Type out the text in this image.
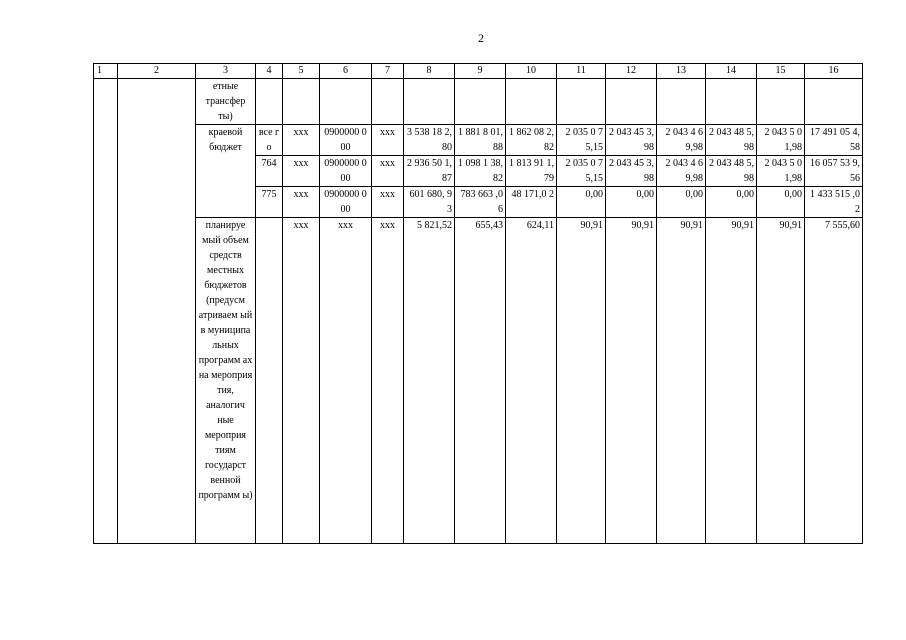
2
1	2	3	4	5	6	7	8	9	10	11	12	13	14	15	16
		етные трансфер ты)													
		краевой бюджет	все го	ххх	0900000 000	ххх	3 538 18 2,80	1 881 8 01,88	1 862 08 2,82	2 035 0 75,15	2 043 45 3,98	2 043 4 69,98	2 043 48 5,98	2 043 5 01,98	17 491 05 4,58
			764	ххх	0900000 000	ххх	2 936 50 1,87	1 098 1 38,82	1 813 91 1,79	2 035 0 75,15	2 043 45 3,98	2 043 4 69,98	2 043 48 5,98	2 043 5 01,98	16 057 53 9,56
			775	ххх	0900000 000	ххх	601 680, 93	783 663 ,06	48 171,0 2	0,00	0,00	0,00	0,00	0,00	1 433 515 ,02
		планируе мый объем средств местных бюджетов (предусм атриваем ый в муниципа льных программ ах на мероприя тия, аналогич ные мероприя тиям государст венной программ ы)		ххх	ххх	ххх	5 821,52	655,43	624,11	90,91	90,91	90,91	90,91	90,91	7 555,60
